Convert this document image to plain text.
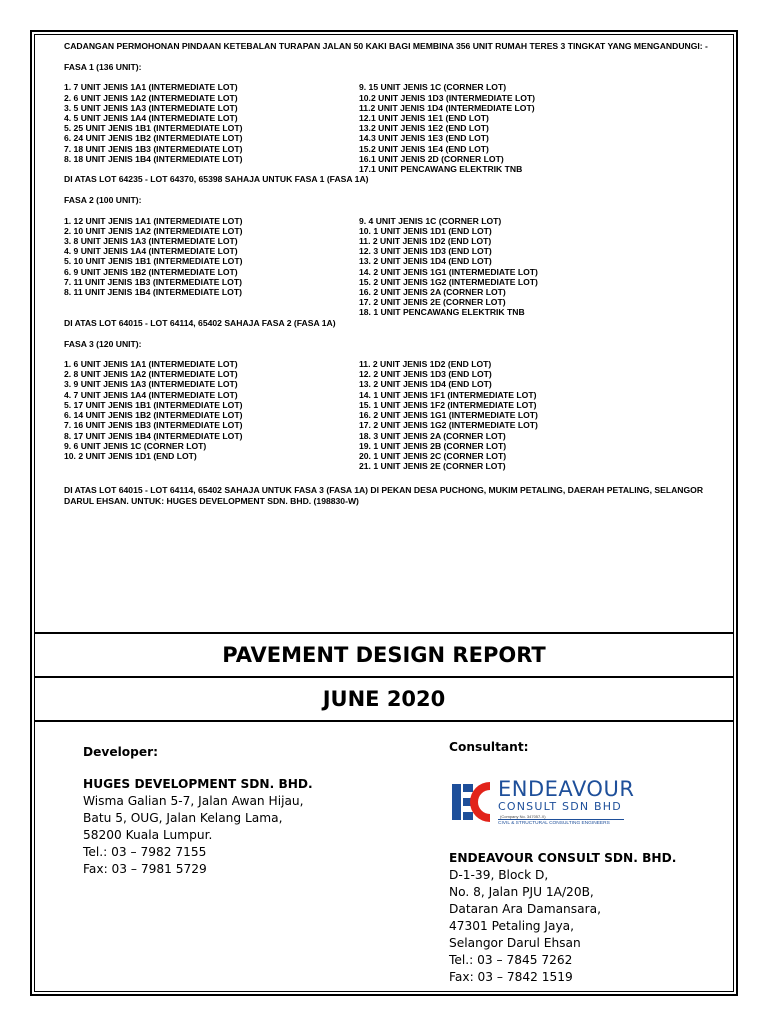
CADANGAN PERMOHONAN PINDAAN KETEBALAN TURAPAN JALAN 50 KAKI BAGI MEMBINA 356 UNIT RUMAH TERES 3 TINGKAT YANG MENGANDUNGI: -

FASA 1 (136 UNIT):

1. 7 UNIT JENIS 1A1 (INTERMEDIATE LOT)
2. 6 UNIT JENIS 1A2 (INTERMEDIATE LOT)
3. 5 UNIT JENIS 1A3 (INTERMEDIATE LOT)
4. 5 UNIT JENIS 1A4 (INTERMEDIATE LOT)
5. 25 UNIT JENIS 1B1 (INTERMEDIATE LOT)
6. 24 UNIT JENIS 1B2 (INTERMEDIATE LOT)
7. 18 UNIT JENIS 1B3 (INTERMEDIATE LOT)
8. 18 UNIT JENIS 1B4 (INTERMEDIATE LOT)
9. 15 UNIT JENIS 1C (CORNER LOT)
10.2 UNIT JENIS 1D3 (INTERMEDIATE LOT)
11.2 UNIT JENIS 1D4 (INTERMEDIATE LOT)
12.1 UNIT JENIS 1E1 (END LOT)
13.2 UNIT JENIS 1E2 (END LOT)
14.3 UNIT JENIS 1E3 (END LOT)
15.2 UNIT JENIS 1E4 (END LOT)
16.1 UNIT JENIS 2D (CORNER LOT)
17.1 UNIT PENCAWANG ELEKTRIK TNB

DI ATAS LOT 64235 - LOT 64370, 65398 SAHAJA UNTUK FASA 1 (FASA 1A)

FASA 2 (100 UNIT):

1. 12 UNIT JENIS 1A1 (INTERMEDIATE LOT)
2. 10 UNIT JENIS 1A2 (INTERMEDIATE LOT)
3. 8 UNIT JENIS 1A3 (INTERMEDIATE LOT)
4. 9 UNIT JENIS 1A4 (INTERMEDIATE LOT)
5. 10 UNIT JENIS 1B1 (INTERMEDIATE LOT)
6. 9 UNIT JENIS 1B2 (INTERMEDIATE LOT)
7. 11 UNIT JENIS 1B3 (INTERMEDIATE LOT)
8. 11 UNIT JENIS 1B4 (INTERMEDIATE LOT)
9. 4 UNIT JENIS 1C (CORNER LOT)
10. 1 UNIT JENIS 1D1 (END LOT)
11. 2 UNIT JENIS 1D2 (END LOT)
12. 3 UNIT JENIS 1D3 (END LOT)
13. 2 UNIT JENIS 1D4 (END LOT)
14. 2 UNIT JENIS 1G1 (INTERMEDIATE LOT)
15. 2 UNIT JENIS 1G2 (INTERMEDIATE LOT)
16. 2 UNIT JENIS 2A (CORNER LOT)
17. 2 UNIT JENIS 2E (CORNER LOT)
18. 1 UNIT PENCAWANG ELEKTRIK TNB

DI ATAS LOT 64015 - LOT 64114, 65402 SAHAJA FASA 2 (FASA 1A)

FASA 3 (120 UNIT):

1. 6 UNIT JENIS 1A1 (INTERMEDIATE LOT)
2. 8 UNIT JENIS 1A2 (INTERMEDIATE LOT)
3. 9 UNIT JENIS 1A3 (INTERMEDIATE LOT)
4. 7 UNIT JENIS 1A4 (INTERMEDIATE LOT)
5. 17 UNIT JENIS 1B1 (INTERMEDIATE LOT)
6. 14 UNIT JENIS 1B2 (INTERMEDIATE LOT)
7. 16 UNIT JENIS 1B3 (INTERMEDIATE LOT)
8. 17 UNIT JENIS 1B4 (INTERMEDIATE LOT)
9. 6 UNIT JENIS 1C (CORNER LOT)
10. 2 UNIT JENIS 1D1 (END LOT)
11. 2 UNIT JENIS 1D2 (END LOT)
12. 2 UNIT JENIS 1D3 (END LOT)
13. 2 UNIT JENIS 1D4 (END LOT)
14. 1 UNIT JENIS 1F1 (INTERMEDIATE LOT)
15. 1 UNIT JENIS 1F2 (INTERMEDIATE LOT)
16. 2 UNIT JENIS 1G1 (INTERMEDIATE LOT)
17. 2 UNIT JENIS 1G2 (INTERMEDIATE LOT)
18. 3 UNIT JENIS 2A (CORNER LOT)
19. 1 UNIT JENIS 2B (CORNER LOT)
20. 1 UNIT JENIS 2C (CORNER LOT)
21. 1 UNIT JENIS 2E (CORNER LOT)

DI ATAS LOT 64015 - LOT 64114, 65402 SAHAJA UNTUK FASA 3 (FASA 1A) DI PEKAN DESA PUCHONG, MUKIM PETALING, DAERAH PETALING, SELANGOR DARUL EHSAN. UNTUK: HUGES DEVELOPMENT SDN. BHD. (198830-W)

PAVEMENT DESIGN REPORT
JUNE 2020
Developer:
HUGES DEVELOPMENT SDN. BHD.
Wisma Galian 5-7, Jalan Awan Hijau,
Batu 5, OUG, Jalan Kelang Lama,
58200 Kuala Lumpur.
Tel.: 03 – 7982 7155
Fax: 03 – 7981 5729
Consultant:
ENDEAVOUR
CONSULT SDN BHD
(Company No. 347057-X)
CIVIL & STRUCTURAL CONSULTING ENGINEERS
ENDEAVOUR CONSULT SDN. BHD.
D-1-39, Block D,
No. 8, Jalan PJU 1A/20B,
Dataran Ara Damansara,
47301 Petaling Jaya,
Selangor Darul Ehsan
Tel.: 03 – 7845 7262
Fax: 03 – 7842 1519
